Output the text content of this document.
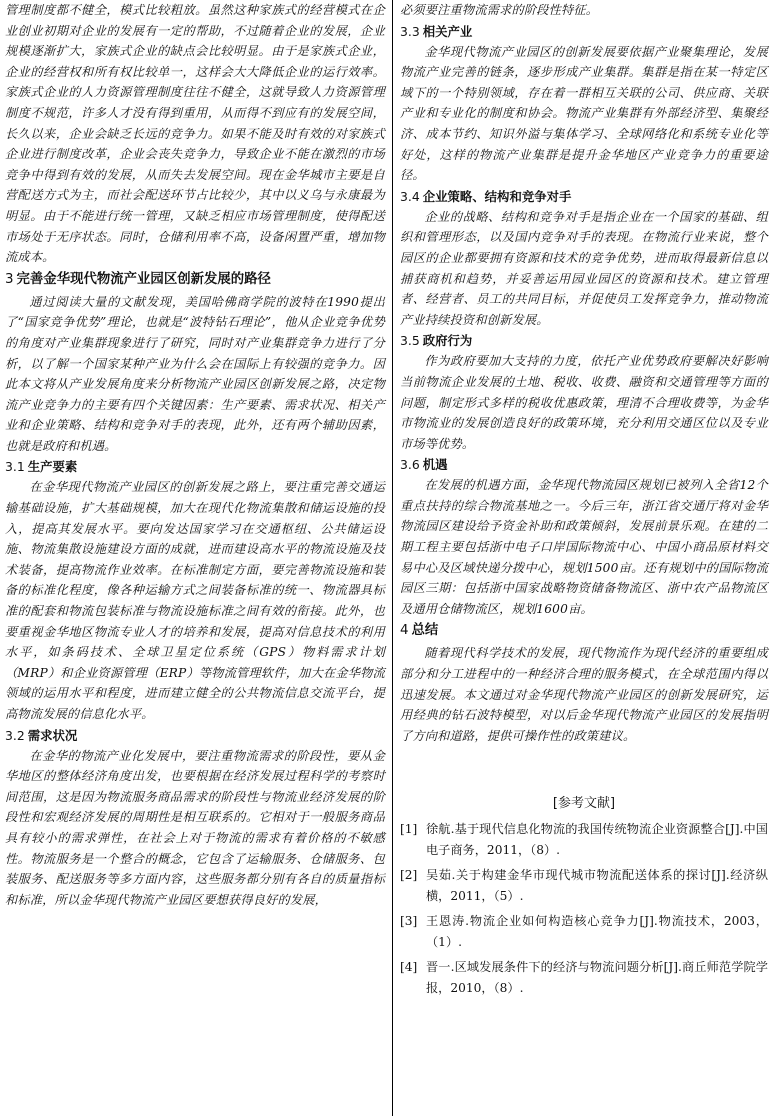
管理制度都不健全，模式比较粗放。虽然这种家族式的经营模式在企业创业初期对企业的发展有一定的帮助，不过随着企业的发展，企业规模逐渐扩大，家族式企业的缺点会比较明显。由于是家族式企业，企业的经营权和所有权比较单一，这样会大大降低企业的运行效率。家族式企业的人力资源管理制度往往不健全，这就导致人力资源管理制度不规范，许多人才没有得到重用，从而得不到应有的发展空间，长久以来，企业会缺乏长远的竞争力。如果不能及时有效的对家族式企业进行制度改革，企业会丧失竞争力，导致企业不能在激烈的市场竞争中得到有效的发展，从而失去发展空间。现在金华城市主要是自营配送方式为主，而社会配送环节占比较少，其中以义乌与永康最为明显。由于不能进行统一管理，又缺乏相应市场管理制度，使得配送市场处于无序状态。同时，仓储利用率不高，设备闲置严重，增加物流成本。

3 完善金华现代物流产业园区创新发展的路径

通过阅读大量的文献发现，美国哈佛商学院的波特在1990提出了“国家竞争优势”理论，也就是“波特钻石理论”，他从企业竞争优势的角度对产业集群现象进行了研究，同时对产业集群竞争力进行了分析，以了解一个国家某种产业为什么会在国际上有较强的竞争力。因此本文将从产业发展角度来分析物流产业园区创新发展之路，决定物流产业竞争力的主要有四个关键因素：生产要素、需求状况、相关产业和企业策略、结构和竞争对手的表现，此外，还有两个辅助因素，也就是政府和机遇。

3.1 生产要素

在金华现代物流产业园区的创新发展之路上，要注重完善交通运输基础设施，扩大基础规模，加大在现代化物流集散和储运设施的投入，提高其发展水平。要向发达国家学习在交通枢纽、公共储运设施、物流集散设施建设方面的成就，进而建设高水平的物流设施及技术装备，提高物流作业效率。在标准制定方面，要完善物流设施和装备的标准化程度，像各种运输方式之间装备标准的统一、物流器具标准的配套和物流包装标准与物流设施标准之间有效的衔接。此外，也要重视金华地区物流专业人才的培养和发展，提高对信息技术的利用水平，如条码技术、全球卫星定位系统（GPS）物料需求计划（MRP）和企业资源管理（ERP）等物流管理软件，加大在金华物流领域的运用水平和程度，进而建立健全的公共物流信息交流平台，提高物流发展的信息化水平。

3.2 需求状况

在金华的物流产业化发展中，要注重物流需求的阶段性，要从金华地区的整体经济角度出发，也要根据在经济发展过程科学的考察时间范围，这是因为物流服务商品需求的阶段性与物流业经济发展的阶段性和宏观经济发展的周期性是相互联系的。它相对于一般服务商品具有较小的需求弹性，在社会上对于物流的需求有着价格的不敏感性。物流服务是一个整合的概念，它包含了运输服务、仓储服务、包装服务、配送服务等多方面内容，这些服务都分别有各自的质量指标和标准，所以金华现代物流产业园区要想获得良好的发展，

必须要注重物流需求的阶段性特征。

3.3 相关产业

金华现代物流产业园区的创新发展要依据产业聚集理论，发展物流产业完善的链条，逐步形成产业集群。集群是指在某一特定区域下的一个特别领域，存在着一群相互关联的公司、供应商、关联产业和专业化的制度和协会。物流产业集群有外部经济型、集聚经济、成本节约、知识外溢与集体学习、全球网络化和系统专业化等好处，这样的物流产业集群是提升金华地区产业竞争力的重要途径。

3.4 企业策略、结构和竞争对手

企业的战略、结构和竞争对手是指企业在一个国家的基础、组织和管理形态，以及国内竞争对手的表现。在物流行业来说，整个园区的企业都要拥有资源和技术的竞争优势，进而取得最新信息以捕获商机和趋势，并妥善运用园业园区的资源和技术。建立管理者、经营者、员工的共同目标，并促使员工发挥竞争力，推动物流产业持续投资和创新发展。

3.5 政府行为

作为政府要加大支持的力度，依托产业优势政府要解决好影响当前物流企业发展的土地、税收、收费、融资和交通管理等方面的问题，制定形式多样的税收优惠政策，理清不合理收费等，为金华市物流业的发展创造良好的政策环境，充分利用交通区位以及专业市场等优势。

3.6 机遇

在发展的机遇方面，金华现代物流园区规划已被列入全省12个重点扶持的综合物流基地之一。今后三年，浙江省交通厅将对金华物流园区建设给予资金补助和政策倾斜，发展前景乐观。在建的二期工程主要包括浙中电子口岸国际物流中心、中国小商品原材料交易中心及区域快递分拨中心，规划1500亩。还有规划中的国际物流园区三期：包括浙中国家战略物资储备物流区、浙中农产品物流区及通用仓储物流区，规划1600亩。

4 总结

随着现代科学技术的发展，现代物流作为现代经济的重要组成部分和分工进程中的一种经济合理的服务模式，在全球范围内得以迅速发展。本文通过对金华现代物流产业园区的创新发展研究，运用经典的钻石波特模型，对以后金华现代物流产业园区的发展指明了方向和道路，提供可操作性的政策建议。

[参考文献]
[1] 徐航.基于现代信息化物流的我国传统物流企业资源整合[J].中国电子商务，2011，（8）.
[2] 吴茹.关于构建金华市现代城市物流配送体系的探讨[J].经济纵横，2011，（5）.
[3] 王恩涛.物流企业如何构造核心竞争力[J].物流技术，2003，（1）.
[4] 晋一.区域发展条件下的经济与物流问题分析[J].商丘师范学院学报，2010，（8）.
